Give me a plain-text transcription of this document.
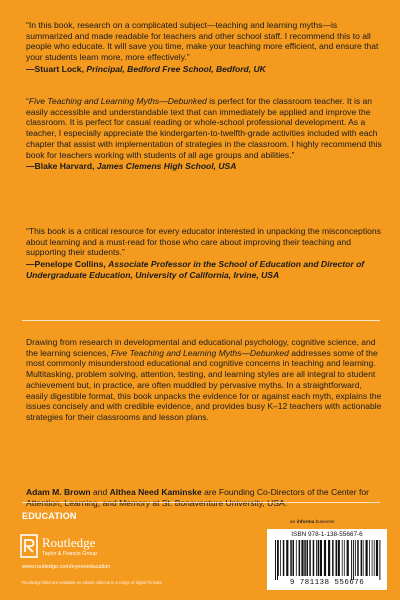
“In this book, research on a complicated subject—teaching and learning myths—is summarized and made readable for teachers and other school staff. I recommend this to all people who educate. It will save you time, make your teaching more efficient, and ensure that your students learn more, more effectively.”

—Stuart Lock, Principal, Bedford Free School, Bedford, UK

“Five Teaching and Learning Myths—Debunked is perfect for the classroom teacher. It is an easily accessible and understandable text that can immediately be applied and improve the classroom. It is perfect for casual reading or whole-school professional development. As a teacher, I especially appreciate the kindergarten-to-twelfth-grade activities included with each chapter that assist with implementation of strategies in the classroom. I highly recommend this book for teachers working with students of all age groups and abilities.”

—Blake Harvard, James Clemens High School, USA

“This book is a critical resource for every educator interested in unpacking the misconceptions about learning and a must-read for those who care about improving their teaching and supporting their students.”

—Penelope Collins, Associate Professor in the School of Education and Director of Undergraduate Education, University of California, Irvine, USA

Drawing from research in developmental and educational psychology, cognitive science, and the learning sciences, Five Teaching and Learning Myths—Debunked addresses some of the most commonly misunderstood educational and cognitive concerns in teaching and learning. Multitasking, problem solving, attention, testing, and learning styles are all integral to student achievement but, in practice, are often muddled by pervasive myths. In a straightforward, easily digestible format, this book unpacks the evidence for or against each myth, explains the issues concisely and with credible evidence, and provides busy K–12 teachers with actionable strategies for their classrooms and lesson plans.

Adam M. Brown and Althea Need Kaminske are Founding Co-Directors of the Center for

EDUCATION
an informa business
Routledge
Taylor & Francis Group
www.routledge.com/eyeoneducation
Routledge titles are available as eBook editions in a range of digital formats
ISBN 978-1-138-55667-6
9 781138 556676
